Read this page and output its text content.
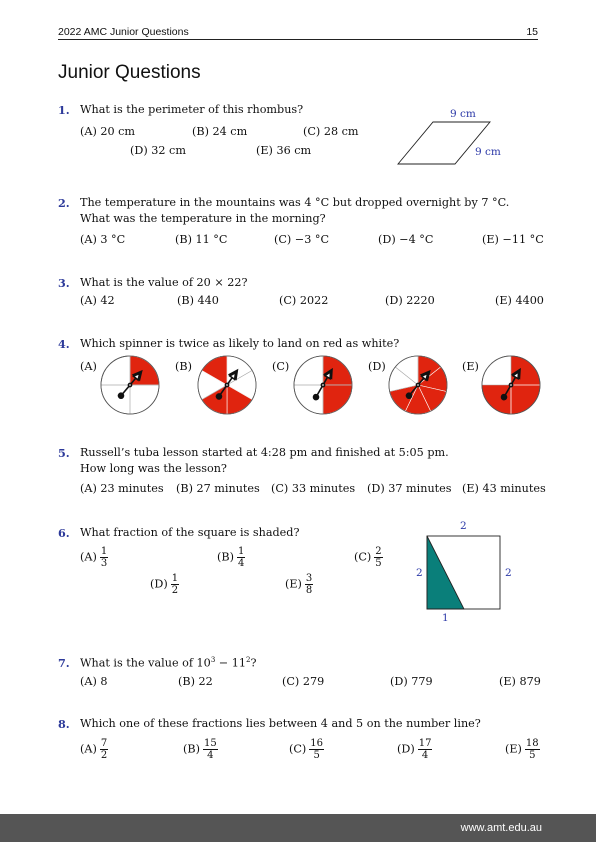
2022 AMC Junior Questions	15
Junior Questions
1. What is the perimeter of this rhombus?
(A) 20 cm	(B) 24 cm	(C) 28 cm
(D) 32 cm	(E) 36 cm
9 cm
9 cm
2. The temperature in the mountains was 4 °C but dropped overnight by 7 °C.
What was the temperature in the morning?
(A) 3 °C	(B) 11 °C	(C) −3 °C	(D) −4 °C	(E) −11 °C
3. What is the value of 20 × 22?
(A) 42	(B) 440	(C) 2022	(D) 2220	(E) 4400
4. Which spinner is twice as likely to land on red as white?
(A)	(B)	(C)	(D)	(E)
5. Russell’s tuba lesson started at 4:28 pm and finished at 5:05 pm.
How long was the lesson?
(A) 23 minutes (B) 27 minutes (C) 33 minutes (D) 37 minutes (E) 43 minutes
6. What fraction of the square is shaded?
$(A) \frac{1}{3}$	$(B) \frac{1}{4}$	$(C) \frac{2}{5}$
$(D) \frac{1}{2}$	$(E) \frac{3}{8}$
2
2	2
1
7. What is the value of $10^3 - 11^2$?
(A) 8	(B) 22	(C) 279	(D) 779	(E) 879
8. Which one of these fractions lies between 4 and 5 on the number line?
$(A) \frac{7}{2}$	$(B) \frac{15}{4}$	$(C) \frac{16}{5}$	$(D) \frac{17}{4}$	$(E) \frac{18}{5}$
www.amt.edu.au
